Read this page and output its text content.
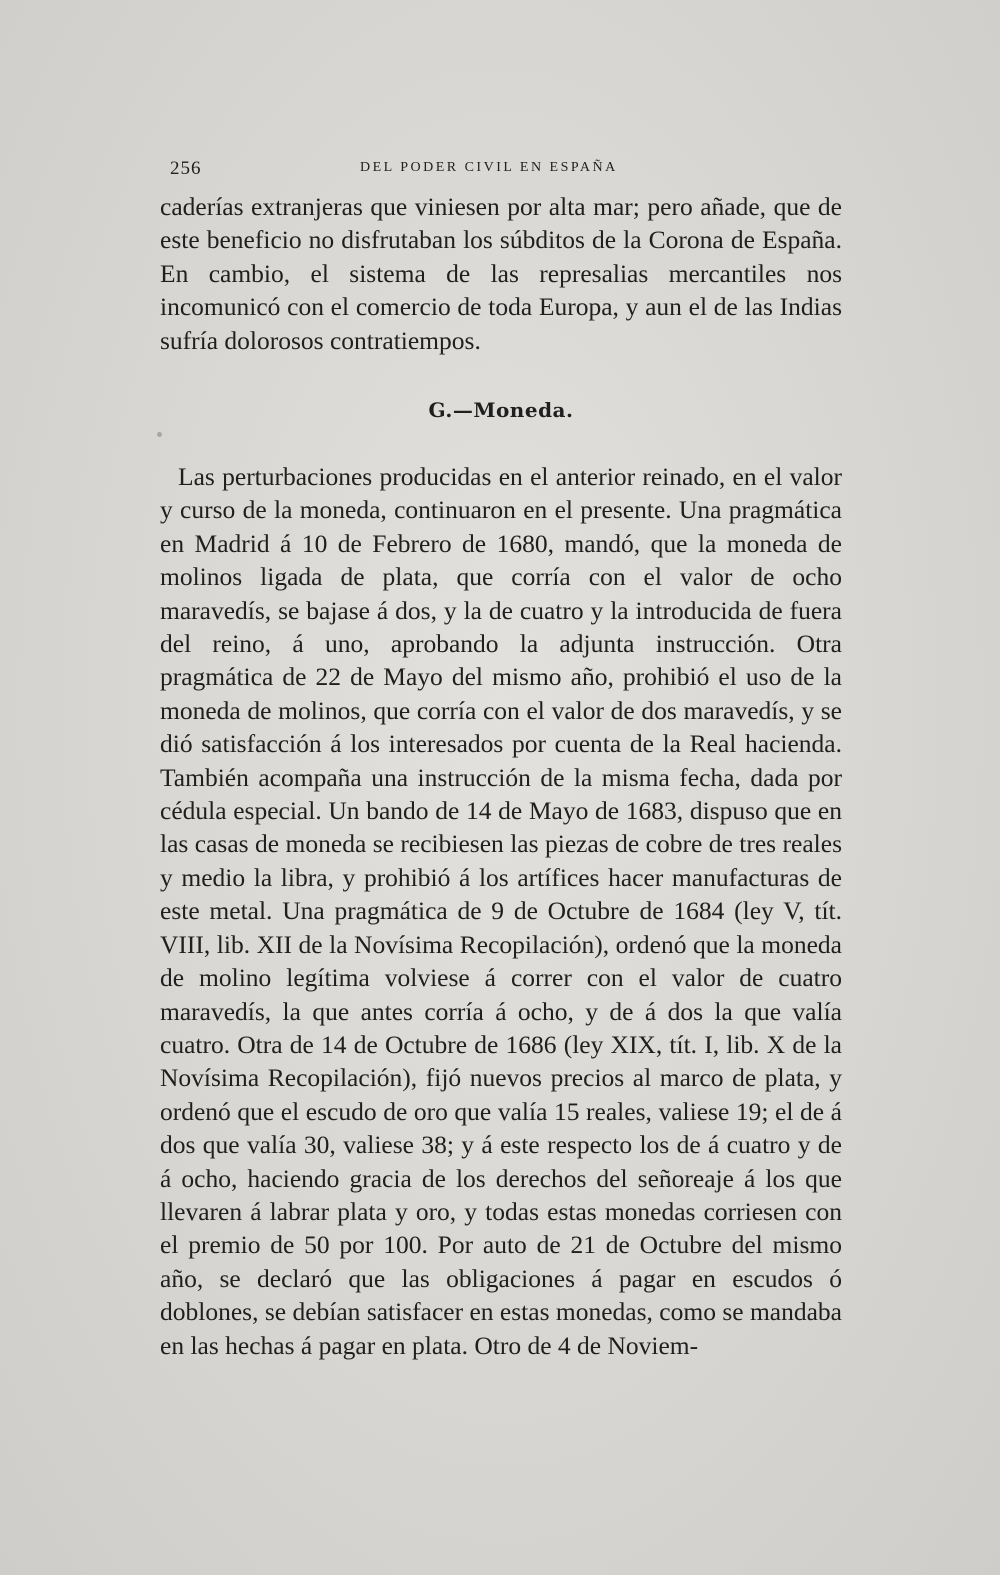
256	DEL PODER CIVIL EN ESPAÑA

caderías extranjeras que viniesen por alta mar; pero añade, que de este beneficio no disfrutaban los súbditos de la Corona de España. En cambio, el sistema de las represalias mercantiles nos incomunicó con el comercio de toda Europa, y aun el de las Indias sufría dolorosos contratiempos.

G.—Moneda.

Las perturbaciones producidas en el anterior reinado, en el valor y curso de la moneda, continuaron en el presente. Una pragmática en Madrid á 10 de Febrero de 1680, mandó, que la moneda de molinos ligada de plata, que corría con el valor de ocho maravedís, se bajase á dos, y la de cuatro y la introducida de fuera del reino, á uno, aprobando la adjunta instrucción. Otra pragmática de 22 de Mayo del mismo año, prohibió el uso de la moneda de molinos, que corría con el valor de dos maravedís, y se dió satisfacción á los interesados por cuenta de la Real hacienda. También acompaña una instrucción de la misma fecha, dada por cédula especial. Un bando de 14 de Mayo de 1683, dispuso que en las casas de moneda se recibiesen las piezas de cobre de tres reales y medio la libra, y prohibió á los artífices hacer manufacturas de este metal. Una pragmática de 9 de Octubre de 1684 (ley V, tít. VIII, lib. XII de la Novísima Recopilación), ordenó que la moneda de molino legítima volviese á correr con el valor de cuatro maravedís, la que antes corría á ocho, y de á dos la que valía cuatro. Otra de 14 de Octubre de 1686 (ley XIX, tít. I, lib. X de la Novísima Recopilación), fijó nuevos precios al marco de plata, y ordenó que el escudo de oro que valía 15 reales, valiese 19; el de á dos que valía 30, valiese 38; y á este respecto los de á cuatro y de á ocho, haciendo gracia de los derechos del señoreaje á los que llevaren á labrar plata y oro, y todas estas monedas corriesen con el premio de 50 por 100. Por auto de 21 de Octubre del mismo año, se declaró que las obligaciones á pagar en escudos ó doblones, se debían satisfacer en estas monedas, como se mandaba en las hechas á pagar en plata. Otro de 4 de Noviem-
